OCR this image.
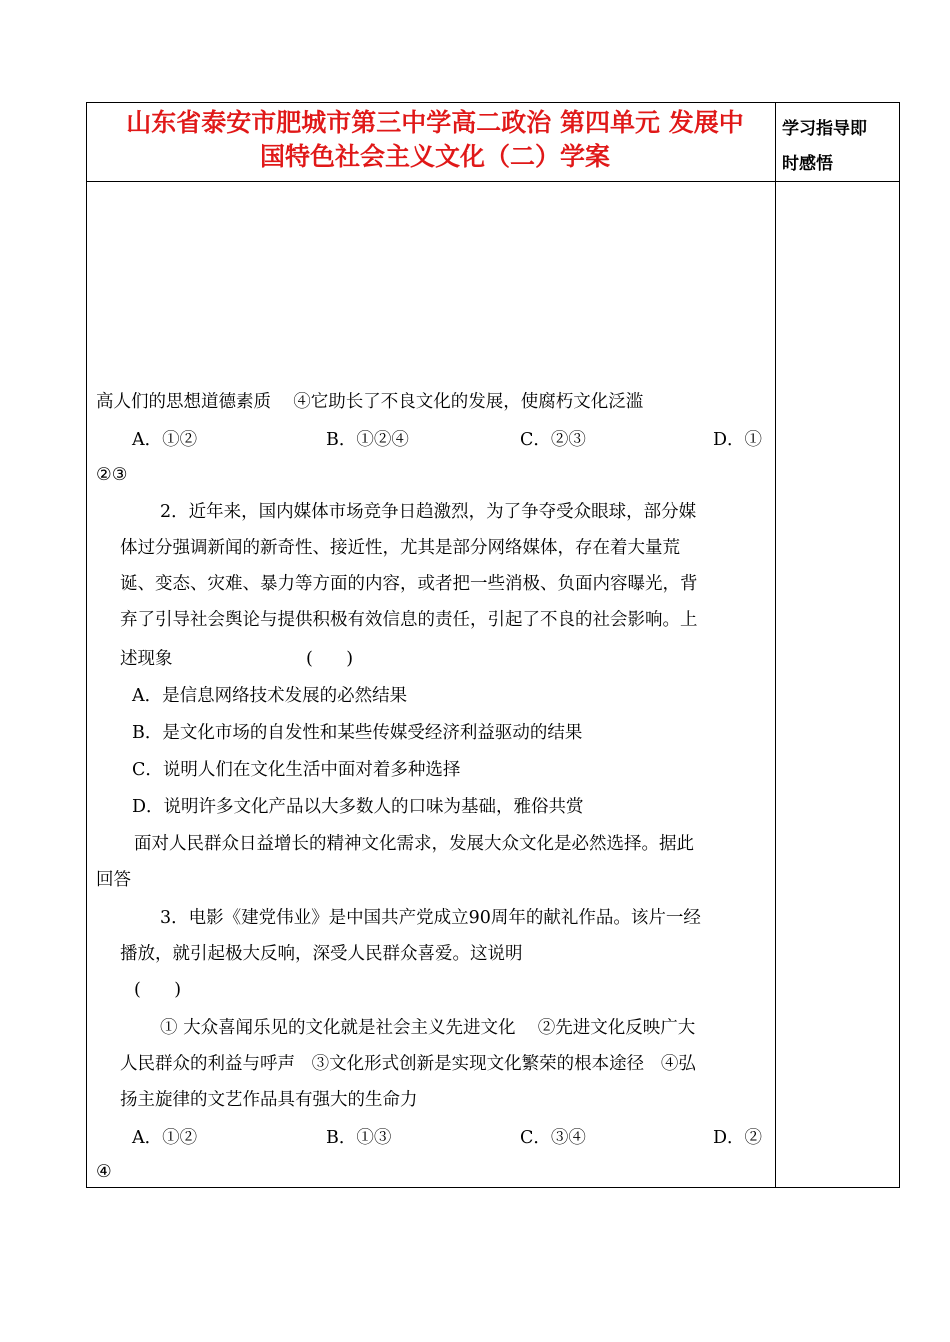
山东省泰安市肥城市第三中学高二政治 第四单元 发展中
国特色社会主义文化（二）学案
学习指导即
时感悟
高人们的思想道德素质    ④它助长了不良文化的发展，使腐朽文化泛滥
A．①②	B．①②④	C．②③	D．①
②③
2．近年来，国内媒体市场竞争日趋激烈，为了争夺受众眼球，部分媒
体过分强调新闻的新奇性、接近性，尤其是部分网络媒体，存在着大量荒
诞、变态、灾难、暴力等方面的内容，或者把一些消极、负面内容曝光，背
弃了引导社会舆论与提供积极有效信息的责任，引起了不良的社会影响。上
述现象                        (      )
A．是信息网络技术发展的必然结果
B．是文化市场的自发性和某些传媒受经济利益驱动的结果
C．说明人们在文化生活中面对着多种选择
D．说明许多文化产品以大多数人的口味为基础，雅俗共赏
面对人民群众日益增长的精神文化需求，发展大众文化是必然选择。据此
回答
3．电影《建党伟业》是中国共产党成立90周年的献礼作品。该片一经
播放，就引起极大反响，深受人民群众喜爱。这说明
(      )
① 大众喜闻乐见的文化就是社会主义先进文化    ②先进文化反映广大
人民群众的利益与呼声   ③文化形式创新是实现文化繁荣的根本途径   ④弘
扬主旋律的文艺作品具有强大的生命力
A．①②	B．①③	C．③④	D．②
④
